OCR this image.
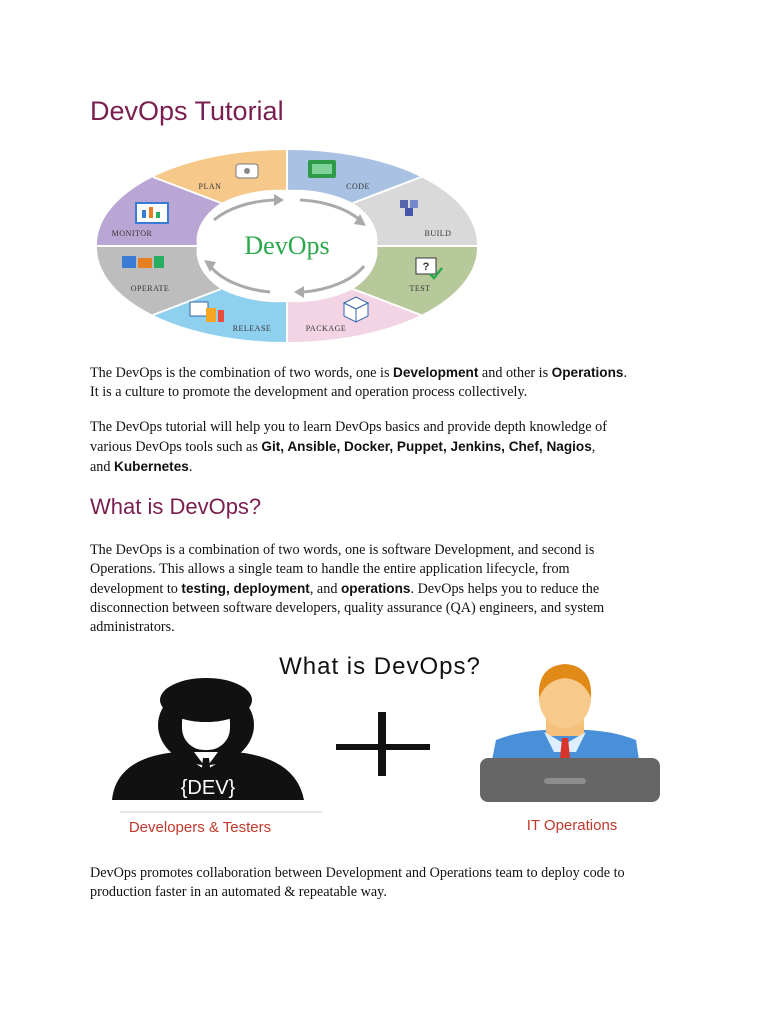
DevOps Tutorial
DevOps
?
PLAN	CODE
BUILD
TEST
PACKAGE
RELEASE
OPERATE
MONITOR

The DevOps is the combination of two words, one is Development and other is Operations.
It is a culture to promote the development and operation process collectively.

The DevOps tutorial will help you to learn DevOps basics and provide depth knowledge of
various DevOps tools such as Git, Ansible, Docker, Puppet, Jenkins, Chef, Nagios,
and Kubernetes.

What is DevOps?

The DevOps is a combination of two words, one is software Development, and second is
Operations. This allows a single team to handle the entire application lifecycle, from
development to testing, deployment, and operations. DevOps helps you to reduce the
disconnection between software developers, quality assurance (QA) engineers, and system
administrators.

What is DevOps?
{DEV}
Developers & Testers	IT Operations

DevOps promotes collaboration between Development and Operations team to deploy code to
production faster in an automated & repeatable way.
